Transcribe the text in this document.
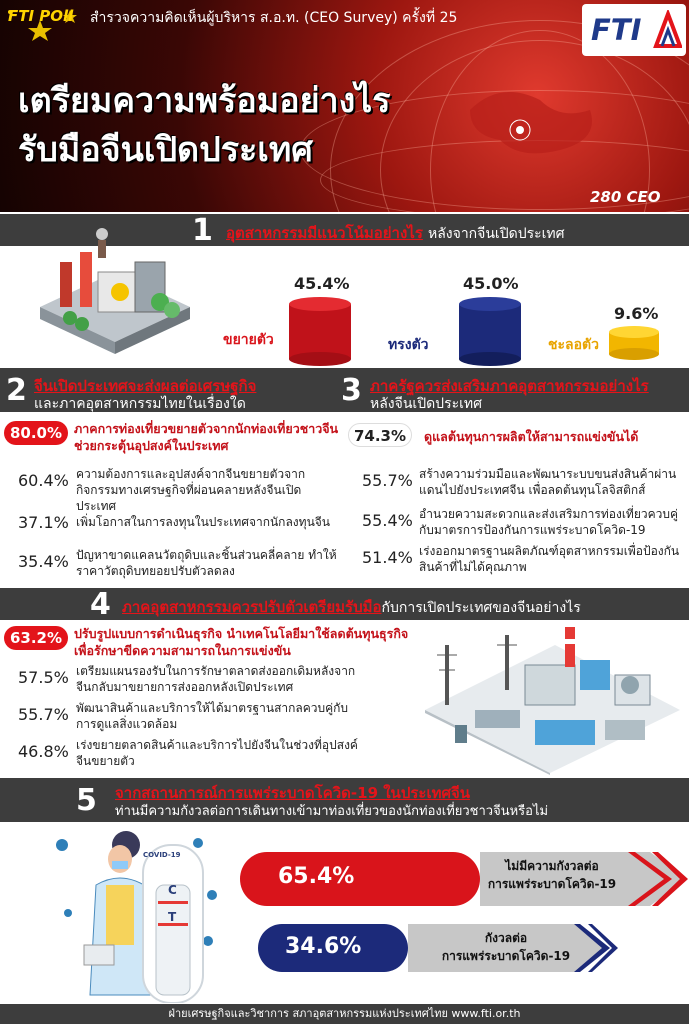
FTI POll สำรวจความคิดเห็นผู้บริหาร ส.อ.ท. (CEO Survey) ครั้งที่ 25	FTI
เตรียมความพร้อมอย่างไร
รับมือจีนเปิดประเทศ
280 CEO
1 อุตสาหกรรมมีแนวโน้มอย่างไร หลังจากจีนเปิดประเทศ
45.4%
ขยายตัว
45.0%
ทรงตัว
9.6%
ชะลอตัว
2 จีนเปิดประเทศจะส่งผลต่อเศรษฐกิจ
และภาคอุตสาหกรรมไทยในเรื่องใด	3 ภาครัฐควรส่งเสริมภาคอุตสาหกรรมอย่างไร
หลังจีนเปิดประเทศ
80.0% ภาคการท่องเที่ยวขยายตัวจากนักท่องเที่ยวชาวจีนช่วยกระตุ้นอุปสงค์ในประเทศ
60.4% ความต้องการและอุปสงค์จากจีนขยายตัวจากกิจกรรมทางเศรษฐกิจที่ผ่อนคลายหลังจีนเปิดประเทศ
37.1% เพิ่มโอกาสในการลงทุนในประเทศจากนักลงทุนจีน
35.4% ปัญหาขาดแคลนวัตถุดิบและชิ้นส่วนคลี่คลาย ทำให้ราคาวัตถุดิบทยอยปรับตัวลดลง
74.3%	ดูแลต้นทุนการผลิตให้สามารถแข่งขันได้
55.7% สร้างความร่วมมือและพัฒนาระบบขนส่งสินค้าผ่านแดนไปยังประเทศจีน เพื่อลดต้นทุนโลจิสติกส์
55.4% อำนวยความสะดวกและส่งเสริมการท่องเที่ยวควบคู่กับมาตรการป้องกันการแพร่ระบาดโควิด-19
51.4% เร่งออกมาตรฐานผลิตภัณฑ์อุตสาหกรรมเพื่อป้องกันสินค้าที่ไม่ได้คุณภาพ
4 ภาคอุตสาหกรรมควรปรับตัวเตรียมรับมือกับการเปิดประเทศของจีนอย่างไร
63.2% ปรับรูปแบบการดำเนินธุรกิจ นำเทคโนโลยีมาใช้ลดต้นทุนธุรกิจเพื่อรักษาขีดความสามารถในการแข่งขัน
57.5% เตรียมแผนรองรับในการรักษาตลาดส่งออกเดิมหลังจากจีนกลับมาขยายการส่งออกหลังเปิดประเทศ
55.7% พัฒนาสินค้าและบริการให้ได้มาตรฐานสากลควบคู่กับการดูแลสิ่งแวดล้อม
46.8% เร่งขยายตลาดสินค้าและบริการไปยังจีนในช่วงที่อุปสงค์จีนขยายตัว
5 จากสถานการณ์การแพร่ระบาดโควิด-19 ในประเทศจีน
ท่านมีความกังวลต่อการเดินทางเข้ามาท่องเที่ยวของนักท่องเที่ยวชาวจีนหรือไม่
COVID-19
C
T
65.4%	ไม่มีความกังวลต่อ
การแพร่ระบาดโควิด-19
34.6%	กังวลต่อ
การแพร่ระบาดโควิด-19
ฝ่ายเศรษฐกิจและวิชาการ สภาอุตสาหกรรมแห่งประเทศไทย www.fti.or.th
